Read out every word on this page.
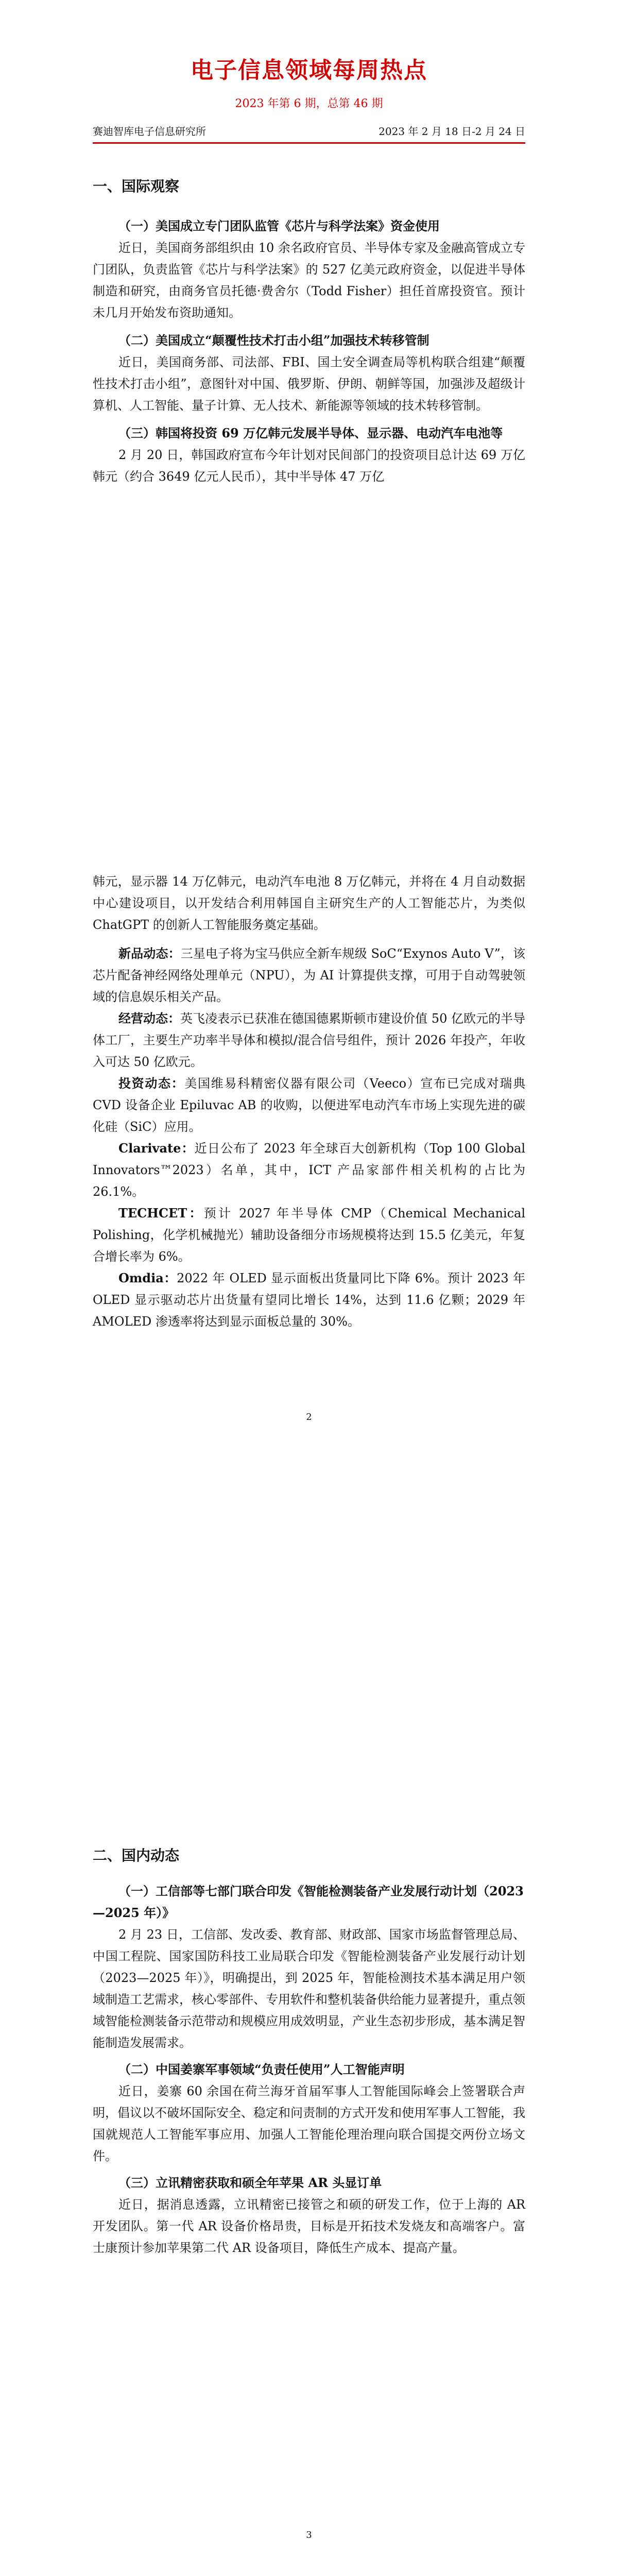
电子信息领域每周热点
2023 年第 6 期，总第 46 期
赛迪智库电子信息研究所	2023 年 2 月 18 日-2 月 24 日
一、国际观察

（一）美国成立专门团队监管《芯片与科学法案》资金使用

近日，美国商务部组织由 10 余名政府官员、半导体专家及金融高管成立专门团队，负责监管《芯片与科学法案》的 527 亿美元政府资金，以促进半导体制造和研究，由商务官员托德·费舍尔（Todd Fisher）担任首席投资官。预计未几月开始发布资助通知。

（二）美国成立“颠覆性技术打击小组”加强技术转移管制

近日，美国商务部、司法部、FBI、国土安全调查局等机构联合组建“颠覆性技术打击小组”，意图针对中国、俄罗斯、伊朗、朝鲜等国，加强涉及超级计算机、人工智能、量子计算、无人技术、新能源等领域的技术转移管制。

（三）韩国将投资 69 万亿韩元发展半导体、显示器、电动汽车电池等

2 月 20 日，韩国政府宣布今年计划对民间部门的投资项目总计达 69 万亿韩元（约合 3649 亿元人民币），其中半导体 47 万亿

韩元，显示器 14 万亿韩元，电动汽车电池 8 万亿韩元，并将在 4 月自动数据中心建设项目，以开发结合利用韩国自主研究生产的人工智能芯片，为类似 ChatGPT 的创新人工智能服务奠定基础。

新品动态：三星电子将为宝马供应全新车规级 SoC“Exynos Auto V”，该芯片配备神经网络处理单元（NPU），为 AI 计算提供支撑，可用于自动驾驶领域的信息娱乐相关产品。

经营动态：英飞凌表示已获准在德国德累斯顿市建设价值 50 亿欧元的半导体工厂，主要生产功率半导体和模拟/混合信号组件，预计 2026 年投产，年收入可达 50 亿欧元。

投资动态：美国维易科精密仪器有限公司（Veeco）宣布已完成对瑞典 CVD 设备企业 Epiluvac AB 的收购，以便进军电动汽车市场上实现先进的碳化硅（SiC）应用。

Clarivate：近日公布了 2023 年全球百大创新机构（Top 100 Global Innovators™2023）名单，其中，ICT 产品家部件相关机构的占比为 26.1%。

TECHCET：预计 2027 年半导体 CMP（Chemical Mechanical Polishing，化学机械抛光）辅助设备细分市场规模将达到 15.5 亿美元，年复合增长率为 6%。

Omdia：2022 年 OLED 显示面板出货量同比下降 6%。预计 2023 年 OLED 显示驱动芯片出货量有望同比增长 14%，达到 11.6 亿颗；2029 年 AMOLED 渗透率将达到显示面板总量的 30%。

2
二、国内动态

（一）工信部等七部门联合印发《智能检测装备产业发展行动计划（2023—2025 年）》

2 月 23 日，工信部、发改委、教育部、财政部、国家市场监督管理总局、中国工程院、国家国防科技工业局联合印发《智能检测装备产业发展行动计划（2023—2025 年）》，明确提出，到 2025 年，智能检测技术基本满足用户领域制造工艺需求，核心零部件、专用软件和整机装备供给能力显著提升，重点领域智能检测装备示范带动和规模应用成效明显，产业生态初步形成，基本满足智能制造发展需求。

（二）中国姜寨军事领域“负责任使用”人工智能声明

近日，姜寨 60 余国在荷兰海牙首届军事人工智能国际峰会上签署联合声明，倡议以不破坏国际安全、稳定和问责制的方式开发和使用军事人工智能，我国就规范人工智能军事应用、加强人工智能伦理治理向联合国提交两份立场文件。

（三）立讯精密获取和硕全年苹果 AR 头显订单

近日，据消息透露，立讯精密已接管之和硕的研发工作，位于上海的 AR 开发团队。第一代 AR 设备价格昂贵，目标是开拓技术发烧友和高端客户。富士康预计参加苹果第二代 AR 设备项目，降低生产成本、提高产量。

3
